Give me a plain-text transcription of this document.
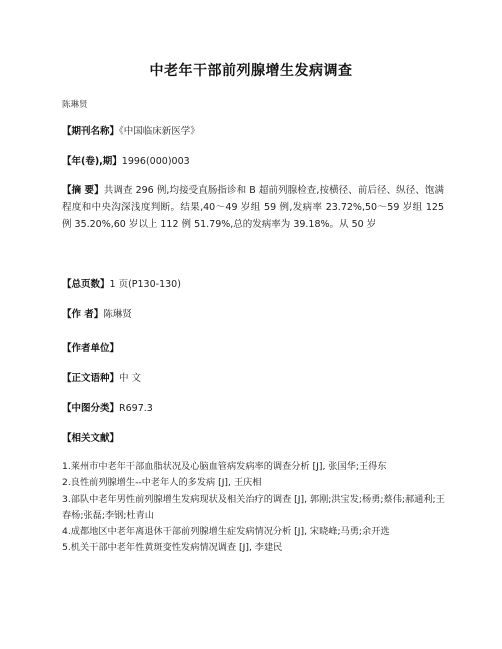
中老年干部前列腺增生发病调查
陈琳贤
【期刊名称】《中国临床新医学》
【年(卷),期】1996(000)003
【摘 要】共调查 296 例,均接受直肠指诊和 B 超前列腺检查,按横径、前后径、纵径、饱满程度和中央沟深浅度判断。结果,40～49 岁组 59 例,发病率 23.72%,50～59 岁组 125 例 35.20%,60 岁以上 112 例 51.79%,总的发病率为 39.18%。从 50 岁
【总页数】1 页(P130-130)
【作 者】陈琳贤
【作者单位】
【正文语种】中 文
【中图分类】R697.3
【相关文献】
1.莱州市中老年干部血脂状况及心脑血管病发病率的调查分析 [J], 张国华;王得东
2.良性前列腺增生--中老年人的多发病 [J], 王庆相
3.部队中老年男性前列腺增生发病现状及相关治疗的调查 [J], 郭刚;洪宝发;杨勇;蔡伟;郝通利;王春杨;张磊;李钢;杜青山
4.成都地区中老年离退休干部前列腺增生症发病情况分析 [J], 宋晓峰;马勇;余开选
5.机关干部中老年性黄斑变性发病情况调查 [J], 李建民
